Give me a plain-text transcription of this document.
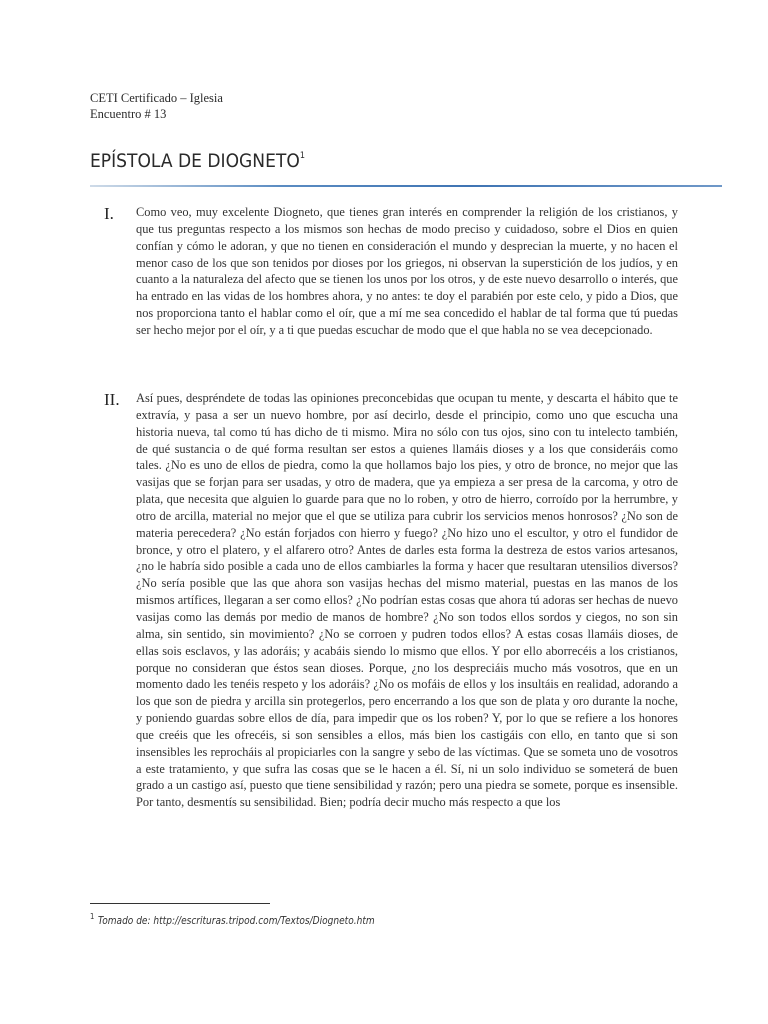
CETI Certificado – Iglesia
Encuentro # 13
EPÍSTOLA DE DIOGNETO$^1$
I. Como veo, muy excelente Diogneto, que tienes gran interés en comprender la religión de los cristianos, y que tus preguntas respecto a los mismos son hechas de modo preciso y cuidadoso, sobre el Dios en quien confían y cómo le adoran, y que no tienen en consideración el mundo y desprecian la muerte, y no hacen el menor caso de los que son tenidos por dioses por los griegos, ni observan la superstición de los judíos, y en cuanto a la naturaleza del afecto que se tienen los unos por los otros, y de este nuevo desarrollo o interés, que ha entrado en las vidas de los hombres ahora, y no antes: te doy el parabién por este celo, y pido a Dios, que nos proporciona tanto el hablar como el oír, que a mí me sea concedido el hablar de tal forma que tú puedas ser hecho mejor por el oír, y a ti que puedas escuchar de modo que el que habla no se vea decepcionado.
II. Así pues, despréndete de todas las opiniones preconcebidas que ocupan tu mente, y descarta el hábito que te extravía, y pasa a ser un nuevo hombre, por así decirlo, desde el principio, como uno que escucha una historia nueva, tal como tú has dicho de ti mismo. Mira no sólo con tus ojos, sino con tu intelecto también, de qué sustancia o de qué forma resultan ser estos a quienes llamáis dioses y a los que consideráis como tales. ¿No es uno de ellos de piedra, como la que hollamos bajo los pies, y otro de bronce, no mejor que las vasijas que se forjan para ser usadas, y otro de madera, que ya empieza a ser presa de la carcoma, y otro de plata, que necesita que alguien lo guarde para que no lo roben, y otro de hierro, corroído por la herrumbre, y otro de arcilla, material no mejor que el que se utiliza para cubrir los servicios menos honrosos? ¿No son de materia perecedera? ¿No están forjados con hierro y fuego? ¿No hizo uno el escultor, y otro el fundidor de bronce, y otro el platero, y el alfarero otro? Antes de darles esta forma la destreza de estos varios artesanos, ¿no le habría sido posible a cada uno de ellos cambiarles la forma y hacer que resultaran utensilios diversos? ¿No sería posible que las que ahora son vasijas hechas del mismo material, puestas en las manos de los mismos artífices, llegaran a ser como ellos? ¿No podrían estas cosas que ahora tú adoras ser hechas de nuevo vasijas como las demás por medio de manos de hombre? ¿No son todos ellos sordos y ciegos, no son sin alma, sin sentido, sin movimiento? ¿No se corroen y pudren todos ellos? A estas cosas llamáis dioses, de ellas sois esclavos, y las adoráis; y acabáis siendo lo mismo que ellos. Y por ello aborrecéis a los cristianos, porque no consideran que éstos sean dioses. Porque, ¿no los despreciáis mucho más vosotros, que en un momento dado les tenéis respeto y los adoráis? ¿No os mofáis de ellos y los insultáis en realidad, adorando a los que son de piedra y arcilla sin protegerlos, pero encerrando a los que son de plata y oro durante la noche, y poniendo guardas sobre ellos de día, para impedir que os los roben? Y, por lo que se refiere a los honores que creéis que les ofrecéis, si son sensibles a ellos, más bien los castigáis con ello, en tanto que si son insensibles les reprocháis al propiciarles con la sangre y sebo de las víctimas. Que se someta uno de vosotros a este tratamiento, y que sufra las cosas que se le hacen a él. Sí, ni un solo individuo se someterá de buen grado a un castigo así, puesto que tiene sensibilidad y razón; pero una piedra se somete, porque es insensible. Por tanto, desmentís su sensibilidad. Bien; podría decir mucho más respecto a que los
$^1$ Tomado de: http://escrituras.tripod.com/Textos/Diogneto.htm
